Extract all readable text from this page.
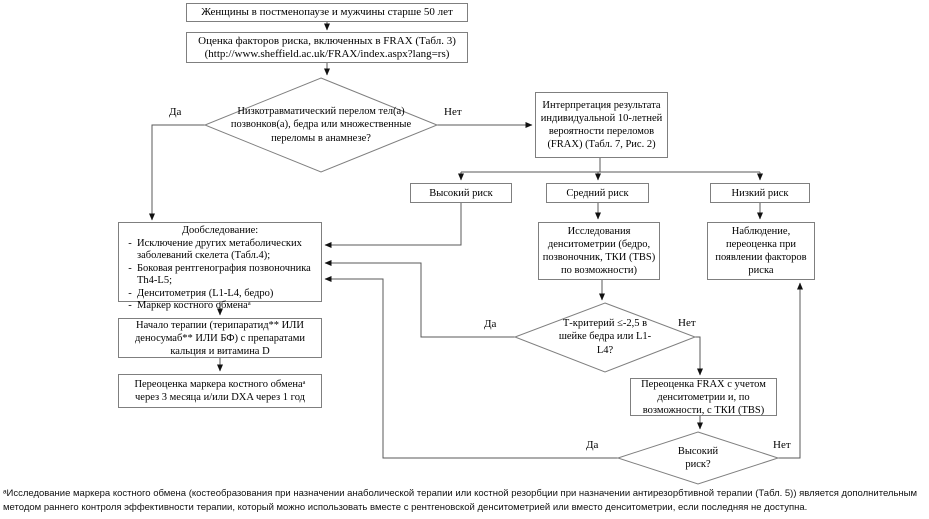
Женщины в постменопаузе и мужчины старше 50 лет
Оценка факторов риска, включенных в FRAX (Табл. 3)
(http://www.sheffield.ac.uk/FRAX/index.aspx?lang=rs)
Низкотравматический перелом тел(а) позвонков(а), бедра или множественные переломы в анамнезе?
Интерпретация результата индивидуальной 10-летней вероятности переломов (FRAX) (Табл. 7, Рис. 2)
Высокий риск	Средний риск	Низкий риск
Дообследование:
- Исключение других метаболических заболеваний скелета (Табл.4);
- Боковая рентгенография позвоночника Th4-L5;
- Денситометрия (L1-L4, бедро)
- Маркер костного обменаᵃ
Начало терапии (терипаратид** ИЛИ деносумаб** ИЛИ БФ) с препаратами кальция и витамина D
Переоценка маркера костного обменаᵃ через 3 месяца и/или DXA через 1 год
Исследования денситометрии (бедро, позвоночник, ТКИ (TBS) по возможности)
Наблюдение, переоценка при появлении факторов риска
Т-критерий ≤-2,5 в шейке бедра или L1-L4?
Переоценка FRAX с учетом денситометрии и, по возможности, с ТКИ (TBS)
Высокий риск?
Да	Нет
Да	Нет
Да	Нет
ᵃИсследование маркера костного обмена (костеобразования при назначении анаболической терапии или костной резорбции при назначении антирезорбтивной терапии (Табл. 5)) является дополнительным
методом раннего контроля эффективности терапии, который можно использовать вместе с рентгеновской денситометрией или вместо денситометрии, если последняя не доступна.
